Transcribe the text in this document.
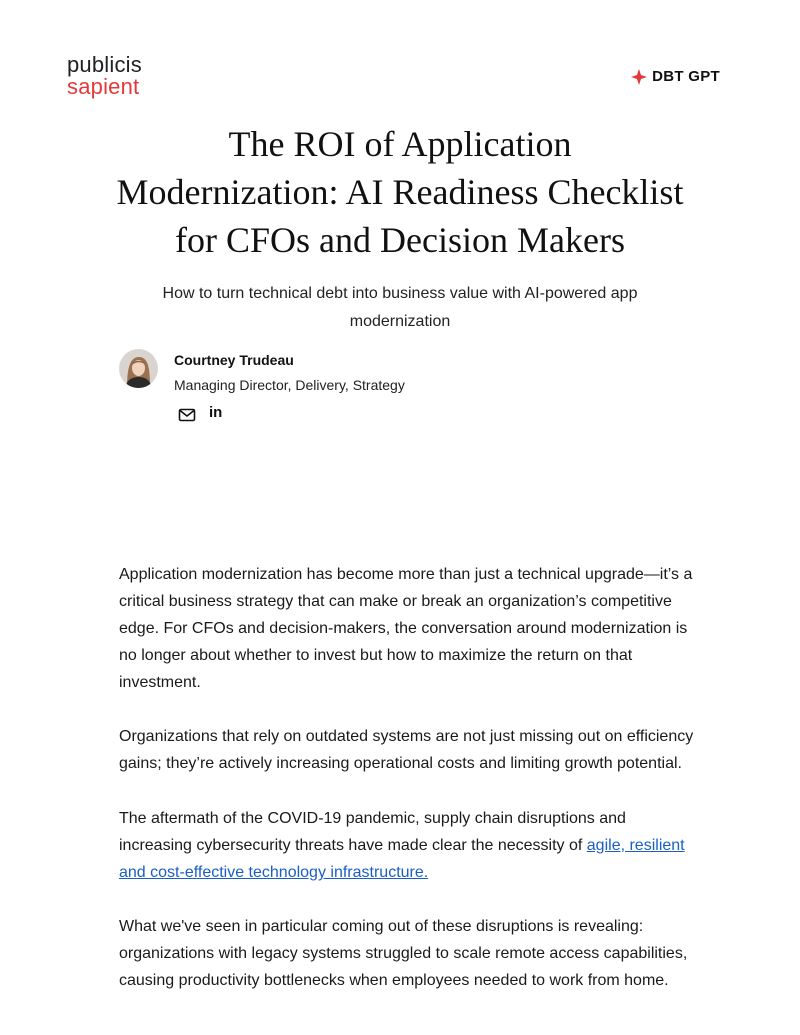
publicis
sapient	DBT GPT
The ROI of Application
Modernization: AI Readiness Checklist
for CFOs and Decision Makers

How to turn technical debt into business value with AI-powered app
modernization

Courtney Trudeau
Managing Director, Delivery, Strategy
in

Application modernization has become more than just a technical upgrade—it’s a
critical business strategy that can make or break an organization’s competitive
edge. For CFOs and decision-makers, the conversation around modernization is
no longer about whether to invest but how to maximize the return on that
investment.

Organizations that rely on outdated systems are not just missing out on efficiency
gains; they’re actively increasing operational costs and limiting growth potential.

The aftermath of the COVID-19 pandemic, supply chain disruptions and
increasing cybersecurity threats have made clear the necessity of agile, resilient
and cost-effective technology infrastructure.

What we've seen in particular coming out of these disruptions is revealing:
organizations with legacy systems struggled to scale remote access capabilities,
causing productivity bottlenecks when employees needed to work from home.
